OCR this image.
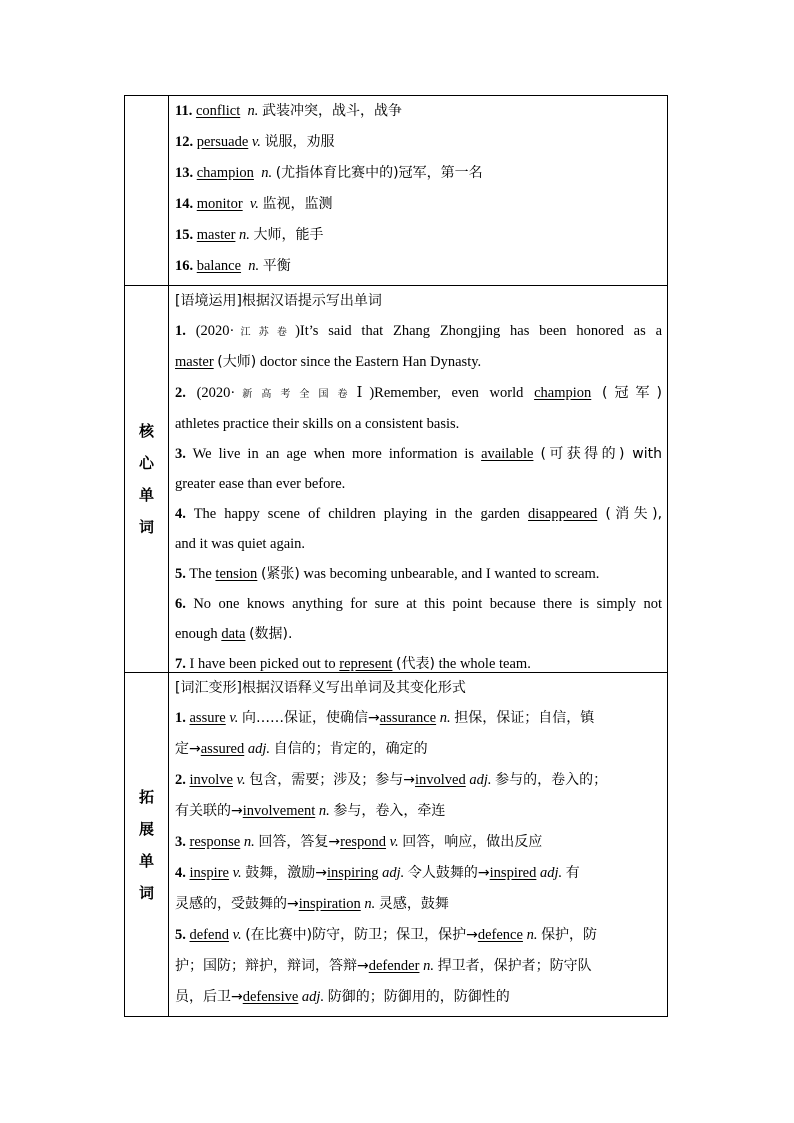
11. conflict n. 武装冲突，战斗，战争
12. persuade v. 说服，劝服
13. champion n. (尤指体育比赛中的)冠军，第一名
14. monitor v. 监视，监测
15. master n. 大师，能手
16. balance n. 平衡
核
心
单
词
[语境运用]根据汉语提示写出单词
1. (2020·江苏卷)It’s said that Zhang Zhongjing has been honored as a
master (大师) doctor since the Eastern Han Dynasty.
2. (2020·新高考全国卷Ⅰ)Remember, even world champion (冠军)
athletes practice their skills on a consistent basis.
3. We live in an age when more information is available (可获得的) with
greater ease than ever before.
4. The happy scene of children playing in the garden disappeared (消失),
and it was quiet again.
5. The tension (紧张) was becoming unbearable, and I wanted to scream.
6. No one knows anything for sure at this point because there is simply not
enough data (数据).
7. I have been picked out to represent (代表) the whole team.
拓
展
单
词
[词汇变形]根据汉语释义写出单词及其变化形式
1. assure v. 向……保证，使确信→assurance n. 担保，保证；自信，镇
定→assured adj. 自信的；肯定的，确定的
2. involve v. 包含，需要；涉及；参与→involved adj. 参与的，卷入的；
有关联的→involvement n. 参与，卷入，牵连
3. response n. 回答，答复→respond v. 回答，响应，做出反应
4. inspire v. 鼓舞，激励→inspiring adj. 令人鼓舞的→inspired adj. 有
灵感的，受鼓舞的→inspiration n. 灵感，鼓舞
5. defend v. (在比赛中)防守，防卫；保卫，保护→defence n. 保护，防
护；国防；辩护，辩词，答辩→defender n. 捍卫者，保护者；防守队
员，后卫→defensive adj. 防御的；防御用的，防御性的
